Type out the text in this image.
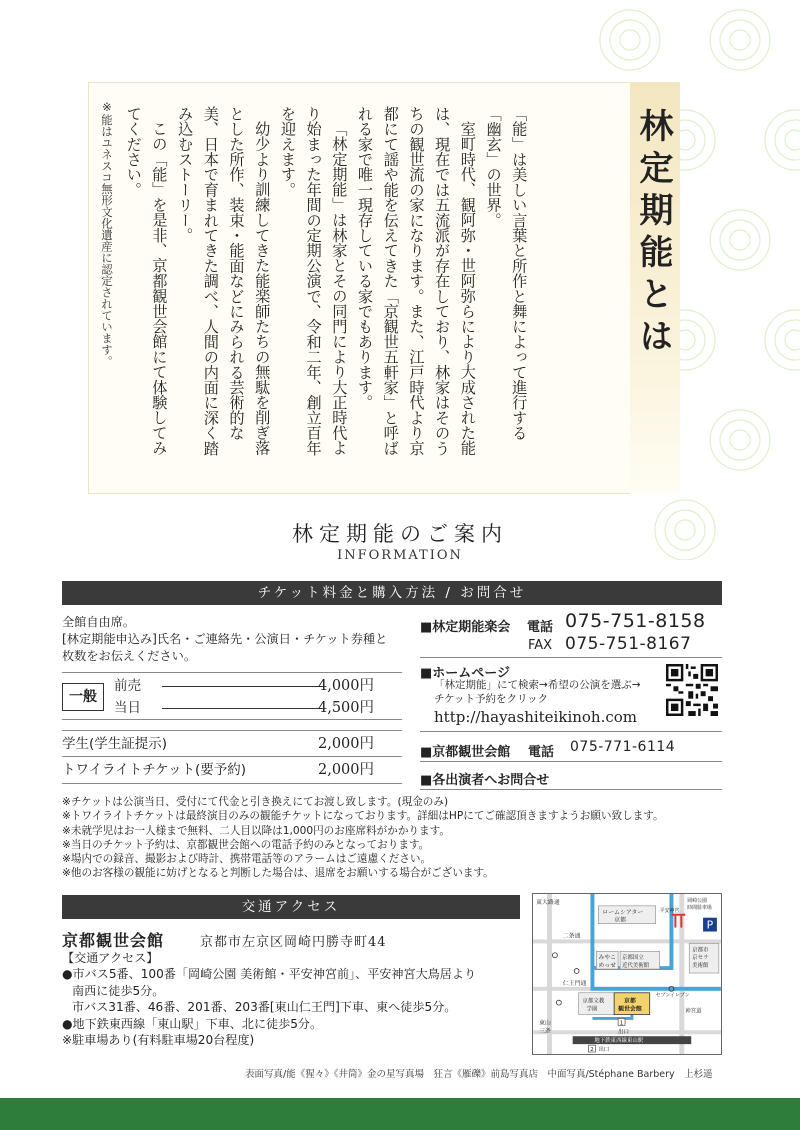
林定期能とは

「能」は美しい言葉と所作と舞によって進行する「幽玄」の世界。

室町時代、観阿弥・世阿弥らにより大成された能は、現在では五流派が存在しており、林家はそのうちの観世流の家になります。また、江戸時代より京都にて謡や能を伝えてきた「京観世五軒家」と呼ばれる家で唯一現存している家でもあります。

「林定期能」は林家とその同門により大正時代より始まった年間の定期公演で、令和二年、創立百年を迎えます。

幼少より訓練してきた能楽師たちの無駄を削ぎ落とした所作、装束・能面などにみられる芸術的な美、日本で育まれてきた調べ、人間の内面に深く踏み込むストーリー。

この「能」を是非、京都観世会館にて体験してみてください。

※能はユネスコ無形文化遺産に認定されています。
林定期能のご案内
INFORMATION
チケット料金と購入方法 / お問合せ
全館自由席。
[林定期能申込み]氏名・ご連絡先・公演日・チケット券種と
枚数をお伝えください。
一般
前売	4,000円
当日	4,500円
学生(学生証提示)	2,000円
トワイライトチケット(要予約)	2,000円
■林定期能楽会 電話 075-751-8158
FAX 075-751-8167
■ホームページ
「林定期能」にて検索→希望の公演を選ぶ→
チケット予約をクリック
http://hayashiteikinoh.com
■京都観世会館 電話 075-771-6114
■各出演者へお問合せ
※チケットは公演当日、受付にて代金と引き換えにてお渡し致します。(現金のみ)
※トワイライトチケットは最終演目のみの観能チケットになっております。詳細はHPにてご確認頂きますようお願い致します。
※未就学児はお一人様まで無料、二人目以降は1,000円のお座席料がかかります。
※当日のチケット予約は、京都観世会館への電話予約のみとなっております。
※場内での録音、撮影および時計、携帯電話等のアラームはご遠慮ください。
※他のお客様の観能に妨げとなると判断した場合は、退席をお願いする場合がございます。
交通アクセス
京都観世会館	京都市左京区岡崎円勝寺町44
【交通アクセス】
●市バス5番、100番「岡崎公園 美術館・平安神宮前」、平安神宮大鳥居より
南西に徒歩5分。
市バス31番、46番、201番、203番[東山仁王門]下車、東へ徒歩5分。
●地下鉄東西線「東山駅」下車、北に徒歩5分。
※駐車場あり(有料駐車場20台程度)
P
東大路通
ロームシアター
京都
岡崎公園
時間駐車場
平安神宮
二条通
みやこ
めっせ
京都国立
近代美術館
京都市
京セラ
美術館
仁王門通
セブンイレブン
京都文教
学園
京都
観世会館	神宮道
東山
三条
1
出口
地下鉄東西線東山駅
2 出口
表面写真/能《猩々》《井筒》金の星写真場　狂言《雁礫》前島写真店　中面写真/Stéphane Barbery　上杉遥
